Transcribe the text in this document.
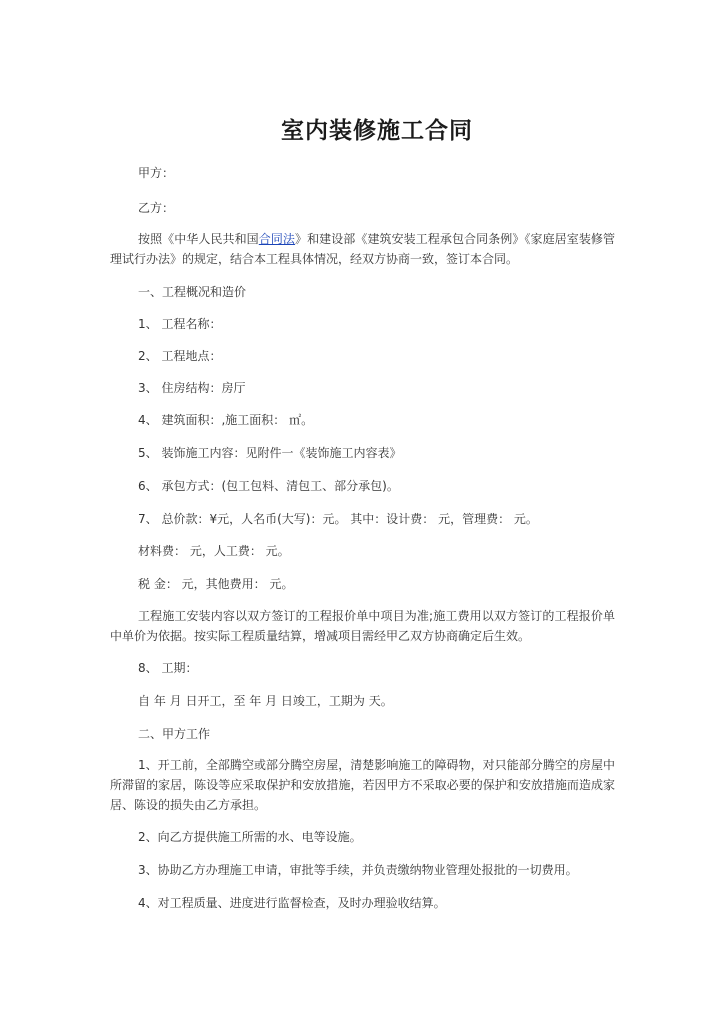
室内装修施工合同

甲方：

乙方：

按照《中华人民共和国合同法》和建设部《建筑安装工程承包合同条例》《家庭居室装修管理试行办法》的规定，结合本工程具体情况，经双方协商一致，签订本合同。

一、工程概况和造价

1、 工程名称：

2、 工程地点：

3、 住房结构：房厅

4、 建筑面积：,施工面积： ㎡。

5、 装饰施工内容：见附件一《装饰施工内容表》

6、 承包方式：(包工包料、清包工、部分承包)。

7、 总价款：¥元，人名币(大写)：元。 其中：设计费： 元，管理费： 元。

材料费： 元，人工费： 元。

税 金： 元，其他费用： 元。

工程施工安装内容以双方签订的工程报价单中项目为准;施工费用以双方签订的工程报价单中单价为依据。按实际工程质量结算，增减项目需经甲乙双方协商确定后生效。

8、 工期：

自 年 月 日开工，至 年 月 日竣工，工期为 天。

二、甲方工作

1、开工前，全部腾空或部分腾空房屋，清楚影响施工的障碍物，对只能部分腾空的房屋中所滞留的家居，陈设等应采取保护和安放措施，若因甲方不采取必要的保护和安放措施而造成家居、陈设的损失由乙方承担。

2、向乙方提供施工所需的水、电等设施。

3、协助乙方办理施工申请，审批等手续，并负责缴纳物业管理处报批的一切费用。

4、对工程质量、进度进行监督检查，及时办理验收结算。
